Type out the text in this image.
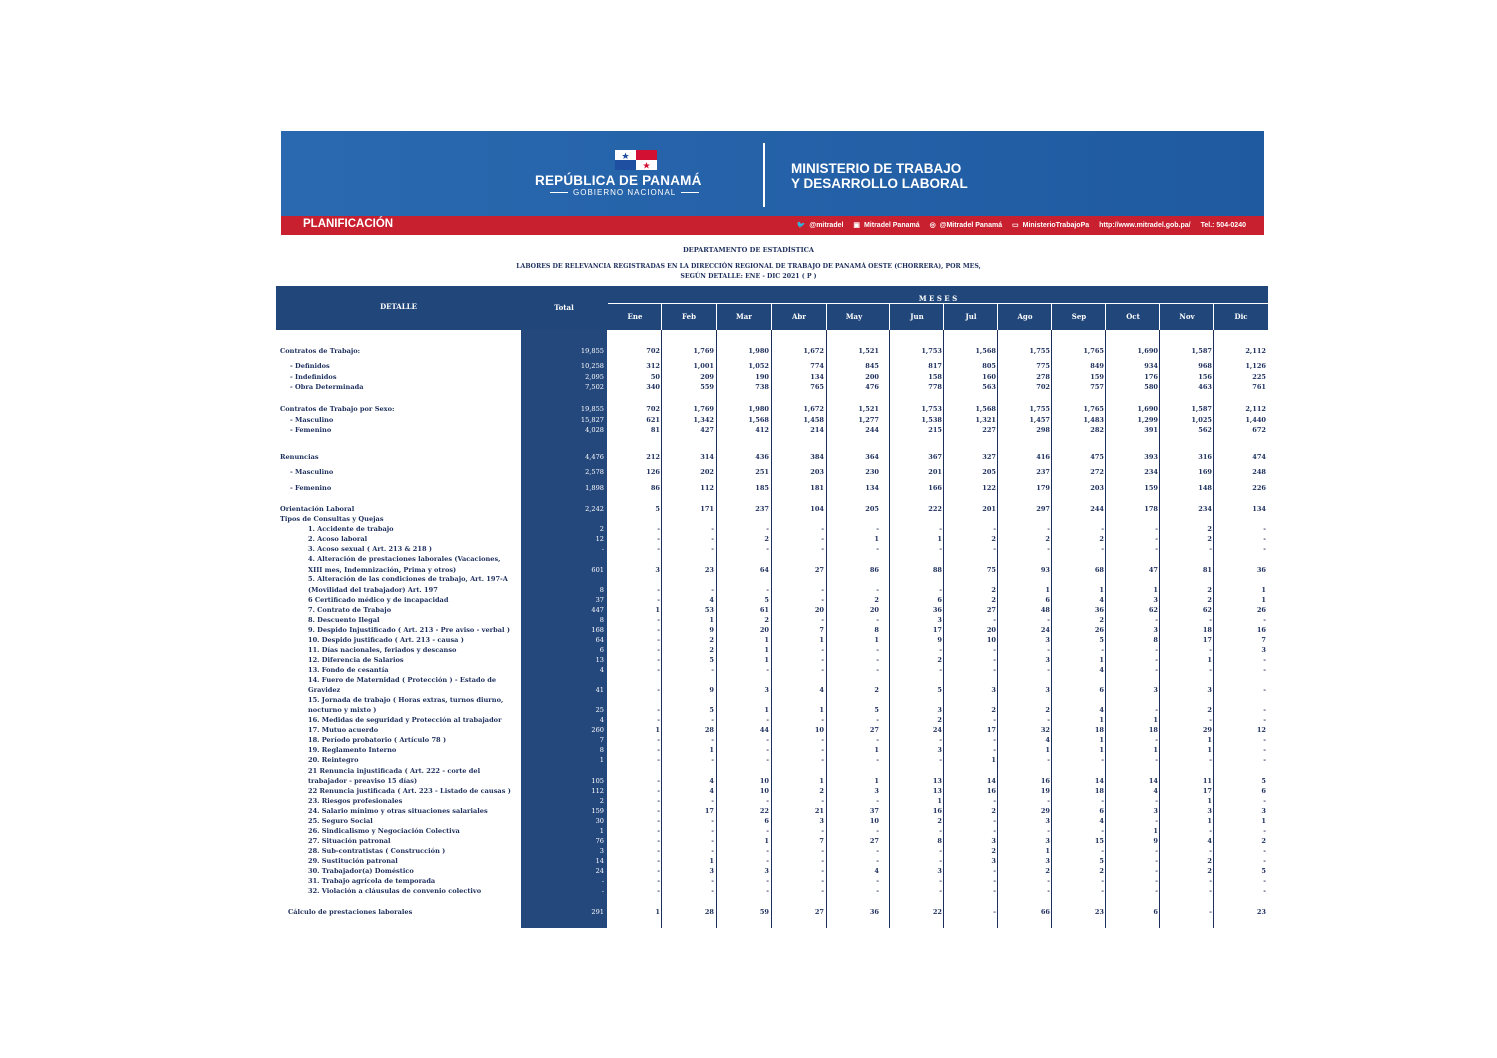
REPÚBLICA DE PANAMÁ
GOBIERNO NACIONAL
MINISTERIO DE TRABAJO
Y DESARROLLO LABORAL
PLANIFICACIÓN	🐦 @mitradel ▣ Mitradel Panamá ◎ @Mitradel Panamá ▭ MinisterioTrabajoPa http://www.mitradel.gob.pa/ Tel.: 504-0240
DEPARTAMENTO DE ESTADÍSTICA
LABORES DE RELEVANCIA REGISTRADAS EN LA DIRECCIÓN REGIONAL DE TRABAJO DE PANAMÁ OESTE (CHORRERA), POR MES,
SEGÚN DETALLE: ENE - DIC 2021 ( P )
DETALLE	Total
M E S E S
Ene	Feb	Mar	Abr	May	Jun	Jul	Ago	Sep	Oct	Nov	Dic
Contratos de Trabajo:	19,855	702	1,769	1,980	1,672	1,521	1,753	1,568	1,755	1,765	1,690	1,587	2,112
- Definidos	10,258	312	1,001	1,052	774	845	817	805	775	849	934	968	1,126
- Indefinidos	2,095	50	209	190	134	200	158	160	278	159	176	156	225
- Obra Determinada	7,502	340	559	738	765	476	778	563	702	757	580	463	761
Contratos de Trabajo por Sexo:	19,855	702	1,769	1,980	1,672	1,521	1,753	1,568	1,755	1,765	1,690	1,587	2,112
- Masculino	15,827	621	1,342	1,568	1,458	1,277	1,538	1,321	1,457	1,483	1,299	1,025	1,440
- Femenino	4,028	81	427	412	214	244	215	227	298	282	391	562	672
Renuncias	4,476	212	314	436	384	364	367	327	416	475	393	316	474
- Masculino	2,578	126	202	251	203	230	201	205	237	272	234	169	248
- Femenino	1,898	86	112	185	181	134	166	122	179	203	159	148	226
Orientación Laboral	2,242	5	171	237	104	205	222	201	297	244	178	234	134
Tipos de Consultas y Quejas
1. Accidente de trabajo	2	-	-	-	-	-	-	-	-	-	-	2	-
2. Acoso laboral	12	-	-	2	-	1	1	2	2	2	-	2	-
3. Acoso sexual ( Art. 213 & 218 )	-	-	-	-	-	-	-	-	-	-	-	-	-
4. Alteración de prestaciones laborales (Vacaciones,
XIII mes, Indemnización, Prima y otros)	601	3	23	64	27	86	88	75	93	68	47	81	36
5. Alteración de las condiciones de trabajo, Art. 197-A
(Movilidad del trabajador) Art. 197	8	-	-	-	-	-	-	2	1	1	1	2	1
6 Certificado médico y de incapacidad	37	-	4	5	-	2	6	2	6	4	3	2	1
7. Contrato de Trabajo	447	1	53	61	20	20	36	27	48	36	62	62	26
8. Descuento Ilegal	8	-	1	2	-	-	3	-	-	2	-	-	-
9. Despido Injustificado ( Art. 213 - Pre aviso - verbal )	168	-	9	20	7	8	17	20	24	26	3	18	16
10. Despido justificado ( Art. 213 - causa )	64	-	2	1	1	1	9	10	3	5	8	17	7
11. Días nacionales, feriados y descanso	6	-	2	1	-	-	-	-	-	-	-	-	3
12. Diferencia de Salarios	13	-	5	1	-	-	2	-	3	1	-	1	-
13. Fondo de cesantía	4	-	-	-	-	-	-	-	-	4	-	-	-
14. Fuero de Maternidad ( Protección ) - Estado de
Gravidez	41	-	9	3	4	2	5	3	3	6	3	3	-
15. Jornada de trabajo ( Horas extras, turnos diurno,
nocturno y mixto )	25	-	5	1	1	5	3	2	2	4	-	2	-
16. Medidas de seguridad y Protección al trabajador	4	-	-	-	-	-	2	-	-	1	1	-	-
17. Mutuo acuerdo	260	1	28	44	10	27	24	17	32	18	18	29	12
18. Período probatorio ( Artículo 78 )	7	-	-	-	-	-	-	-	4	1	-	1	-
19. Reglamento Interno	8	-	1	-	-	1	3	-	1	1	1	1	-
20. Reintegro	1	-	-	-	-	-	-	1	-	-	-	-	-
21 Renuncia injustificada ( Art. 222 - corte del
trabajador - preaviso 15 días)	105	-	4	10	1	1	13	14	16	14	14	11	5
22 Renuncia justificada ( Art. 223 - Listado de causas )	112	-	4	10	2	3	13	16	19	18	4	17	6
23. Riesgos profesionales	2	-	-	-	-	-	1	-	-	-	-	1	-
24. Salario mínimo y otras situaciones salariales	159	-	17	22	21	37	16	2	29	6	3	3	3
25. Seguro Social	30	-	-	6	3	10	2	-	3	4	-	1	1
26. Sindicalismo y Negociación Colectiva	1	-	-	-	-	-	-	-	-	-	1	-	-
27. Situación patronal	76	-	-	1	7	27	8	3	3	15	9	4	2
28. Sub-contratistas ( Construcción )	3	-	-	-	-	-	-	2	1	-	-	-	-
29. Sustitución patronal	14	-	1	-	-	-	-	3	3	5	-	2	-
30. Trabajador(a) Doméstico	24	-	3	3	-	4	3	-	2	2	-	2	5
31. Trabajo agrícola de temporada	-	-	-	-	-	-	-	-	-	-	-	-	-
32. Violación a cláusulas de convenio colectivo	-	-	-	-	-	-	-	-	-	-	-	-	-
Cálculo de prestaciones laborales	291	1	28	59	27	36	22	-	66	23	6	-	23
